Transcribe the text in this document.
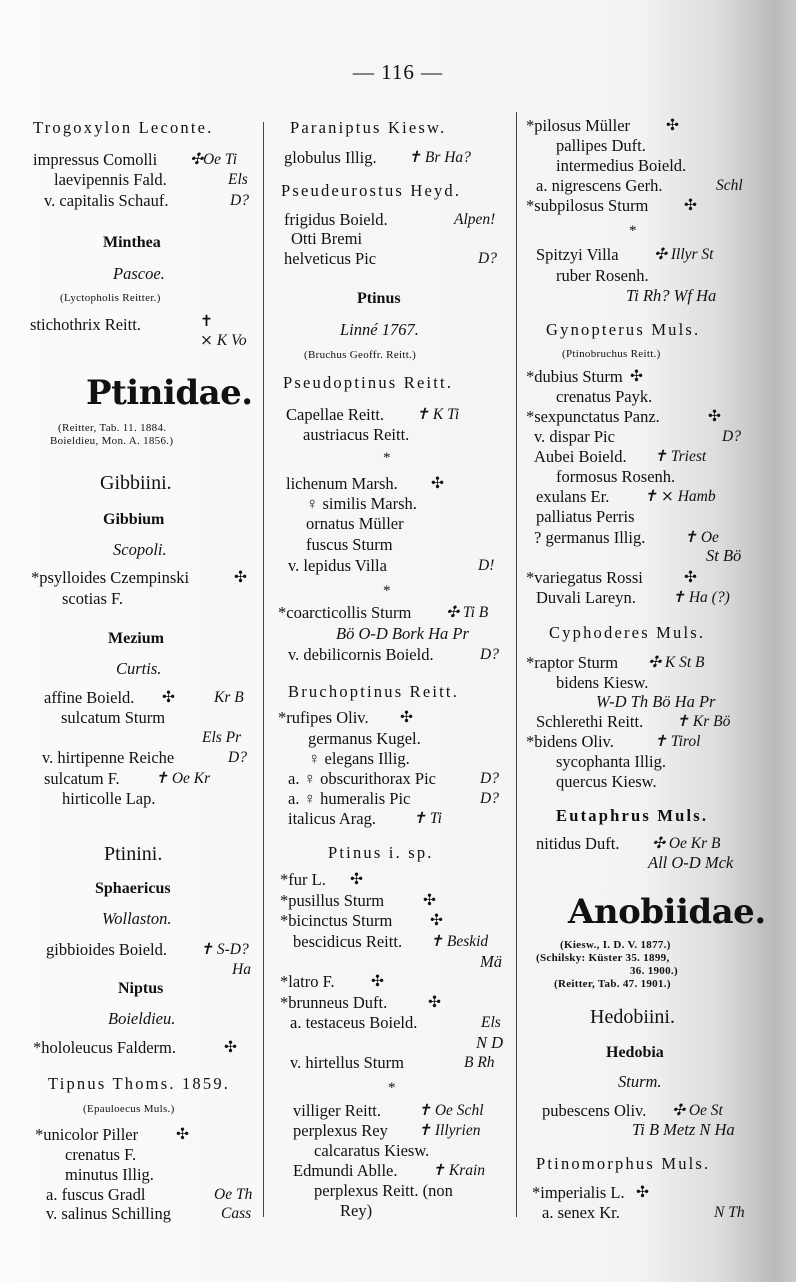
— 116 —
Trogoxylon Leconte.
impressus Comolli
laevipennis Fald.
v. capitalis Schauf.
Minthea
Pascoe.
(Lyctopholis Reitter.)
stichothrix Reitt.
Ptinidae.
(Reitter, Tab. 11. 1884.
Boieldieu, Mon. A. 1856.)
Gibbiini.
Gibbium
Scopoli.
*psylloides Czempinski
scotias F.
Mezium
Curtis.
affine Boield.
sulcatum Sturm
v. hirtipenne Reiche
sulcatum F.
hirticolle Lap.
Ptinini.
Sphaericus
Wollaston.
gibbioides Boield.
Niptus
Boieldieu.
*hololeucus Falderm.
Tipnus Thoms. 1859.
(Epauloecus Muls.)
*unicolor Piller
crenatus F.
minutus Illig.
a. fuscus Gradl
v. salinus Schilling
✣Oe Ti
Els
D?
✝
⨯ K Vo
✣
✣	Kr B
Els Pr
D?
✝ Oe Kr
✝ S-D?
Ha
✣
✣
Oe Th
Cass
Paraniptus Kiesw.
globulus Illig.
Pseudeurostus Heyd.
frigidus Boield.
Otti Bremi
helveticus Pic
Ptinus
Linné 1767.
(Bruchus Geoffr. Reitt.)
Pseudoptinus Reitt.
Capellae Reitt.
austriacus Reitt.
*
lichenum Marsh.
♀ similis Marsh.
ornatus Müller
fuscus Sturm
v. lepidus Villa
*
*coarcticollis Sturm
Bö O-D Bork Ha Pr
v. debilicornis Boield.
Bruchoptinus Reitt.
*rufipes Oliv.
germanus Kugel.
♀ elegans Illig.
a. ♀ obscurithorax Pic
a. ♀ humeralis Pic
italicus Arag.
Ptinus i. sp.
*fur L.
*pusillus Sturm
*bicinctus Sturm
bescidicus Reitt.
Mä
*latro F.
*brunneus Duft.
a. testaceus Boield.
N D
v. hirtellus Sturm
*
villiger Reitt.
perplexus Rey
calcaratus Kiesw.
Edmundi Ablle.
perplexus Reitt. (non
Rey)
✝ Br Ha?
Alpen!
D?
✝ K Ti
✣
D!
✣ Ti B
D?
✣
D?
D?
✝ Ti
✣
✣
✣
✝ Beskid
✣
✣
Els
B Rh
✝ Oe Schl
✝ Illyrien
✝ Krain
*pilosus Müller
pallipes Duft.
intermedius Boield.
a. nigrescens Gerh.
*subpilosus Sturm
*
Spitzyi Villa
ruber Rosenh.
Ti Rh? Wf Ha
Gynopterus Muls.
(Ptinobruchus Reitt.)
*dubius Sturm
crenatus Payk.
*sexpunctatus Panz.
v. dispar Pic
Aubei Boield.
formosus Rosenh.
exulans Er.
palliatus Perris
? germanus Illig.
St Bö
*variegatus Rossi
Duvali Lareyn.
Cyphoderes Muls.
*raptor Sturm
bidens Kiesw.
W-D Th Bö Ha Pr
Schlerethi Reitt.
*bidens Oliv.
sycophanta Illig.
quercus Kiesw.
Eutaphrus Muls.
nitidus Duft.
All O-D Mck
Anobiidae.
(Kiesw., I. D. V. 1877.)
(Schilsky: Küster 35. 1899,
36. 1900.)
(Reitter, Tab. 47. 1901.)
Hedobiini.
Hedobia
Sturm.
pubescens Oliv.
Ti B Metz N Ha
Ptinomorphus Muls.
*imperialis L.
a. senex Kr.
✣
Schl
✣
✣ Illyr St
✣
✣
D?
✝ Triest
✝ ⨯ Hamb
✝ Oe
✣
✝ Ha (?)
✣ K St B
✝ Kr Bö
✝ Tirol
✣ Oe Kr B
✣ Oe St
✣
N Th
